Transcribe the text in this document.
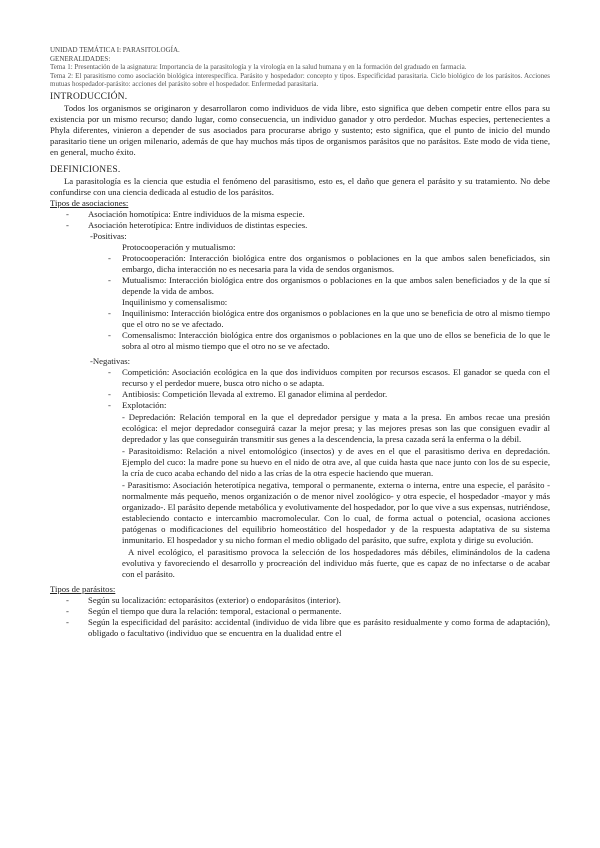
UNIDAD TEMÁTICA I: PARASITOLOGÍA.
GENERALIDADES:
Tema 1: Presentación de la asignatura: Importancia de la parasitología y la virología en la salud humana y en la formación del graduado en farmacia.
Tema 2: El parasitismo como asociación biológica interespecífica. Parásito y hospedador: concepto y tipos. Especificidad parasitaria. Ciclo biológico de los parásitos. Acciones mutuas hospedador-parásito: acciones del parásito sobre el hospedador. Enfermedad parasitaria.
INTRODUCCIÓN.

Todos los organismos se originaron y desarrollaron como individuos de vida libre, esto significa que deben competir entre ellos para su existencia por un mismo recurso; dando lugar, como consecuencia, un individuo ganador y otro perdedor. Muchas especies, pertenecientes a Phyla diferentes, vinieron a depender de sus asociados para procurarse abrigo y sustento; esto significa, que el punto de inicio del mundo parasitario tiene un origen milenario, además de que hay muchos más tipos de organismos parásitos que no parásitos. Este modo de vida tiene, en general, mucho éxito.

DEFINICIONES.

La parasitología es la ciencia que estudia el fenómeno del parasitismo, esto es, el daño que genera el parásito y su tratamiento. No debe confundirse con una ciencia dedicada al estudio de los parásitos.

Tipos de asociaciones:
- Asociación homotípica: Entre individuos de la misma especie.
- Asociación heterotípica: Entre individuos de distintas especies.
-Positivas:
Protocooperación y mutualismo:
- Protocooperación: Interacción biológica entre dos organismos o poblaciones en la que ambos salen beneficiados, sin embargo, dicha interacción no es necesaria para la vida de sendos organismos.
- Mutualismo: Interacción biológica entre dos organismos o poblaciones en la que ambos salen beneficiados y de la que sí depende la vida de ambos.
Inquilinismo y comensalismo:
- Inquilinismo: Interacción biológica entre dos organismos o poblaciones en la que uno se beneficia de otro al mismo tiempo que el otro no se ve afectado.
- Comensalismo: Interacción biológica entre dos organismos o poblaciones en la que uno de ellos se beneficia de lo que le sobra al otro al mismo tiempo que el otro no se ve afectado.
-Negativas:
- Competición: Asociación ecológica en la que dos individuos compiten por recursos escasos. El ganador se queda con el recurso y el perdedor muere, busca otro nicho o se adapta.
- Antibiosis: Competición llevada al extremo. El ganador elimina al perdedor.
- Explotación:
- Depredación: Relación temporal en la que el depredador persigue y mata a la presa. En ambos recae una presión ecológica: el mejor depredador conseguirá cazar la mejor presa; y las mejores presas son las que consiguen evadir al depredador y las que conseguirán transmitir sus genes a la descendencia, la presa cazada será la enferma o la débil.
- Parasitoidismo: Relación a nivel entomológico (insectos) y de aves en el que el parasitismo deriva en depredación. Ejemplo del cuco: la madre pone su huevo en el nido de otra ave, al que cuida hasta que nace junto con los de su especie, la cría de cuco acaba echando del nido a las crías de la otra especie haciendo que mueran.
- Parasitismo: Asociación heterotípica negativa, temporal o permanente, externa o interna, entre una especie, el parásito -normalmente más pequeño, menos organización o de menor nivel zoológico- y otra especie, el hospedador -mayor y más organizado-. El parásito depende metabólica y evolutivamente del hospedador, por lo que vive a sus expensas, nutriéndose, estableciendo contacto e intercambio macromolecular. Con lo cual, de forma actual o potencial, ocasiona acciones patógenas o modificaciones del equilibrio homeostático del hospedador y de la respuesta adaptativa de su sistema inmunitario. El hospedador y su nicho forman el medio obligado del parásito, que sufre, explota y dirige su evolución.
A nivel ecológico, el parasitismo provoca la selección de los hospedadores más débiles, eliminándolos de la cadena evolutiva y favoreciendo el desarrollo y procreación del individuo más fuerte, que es capaz de no infectarse o de acabar con el parásito.
Tipos de parásitos:
- Según su localización: ectoparásitos (exterior) o endoparásitos (interior).
- Según el tiempo que dura la relación: temporal, estacional o permanente.
- Según la especificidad del parásito: accidental (individuo de vida libre que es parásito residualmente y como forma de adaptación), obligado o facultativo (individuo que se encuentra en la dualidad entre el
